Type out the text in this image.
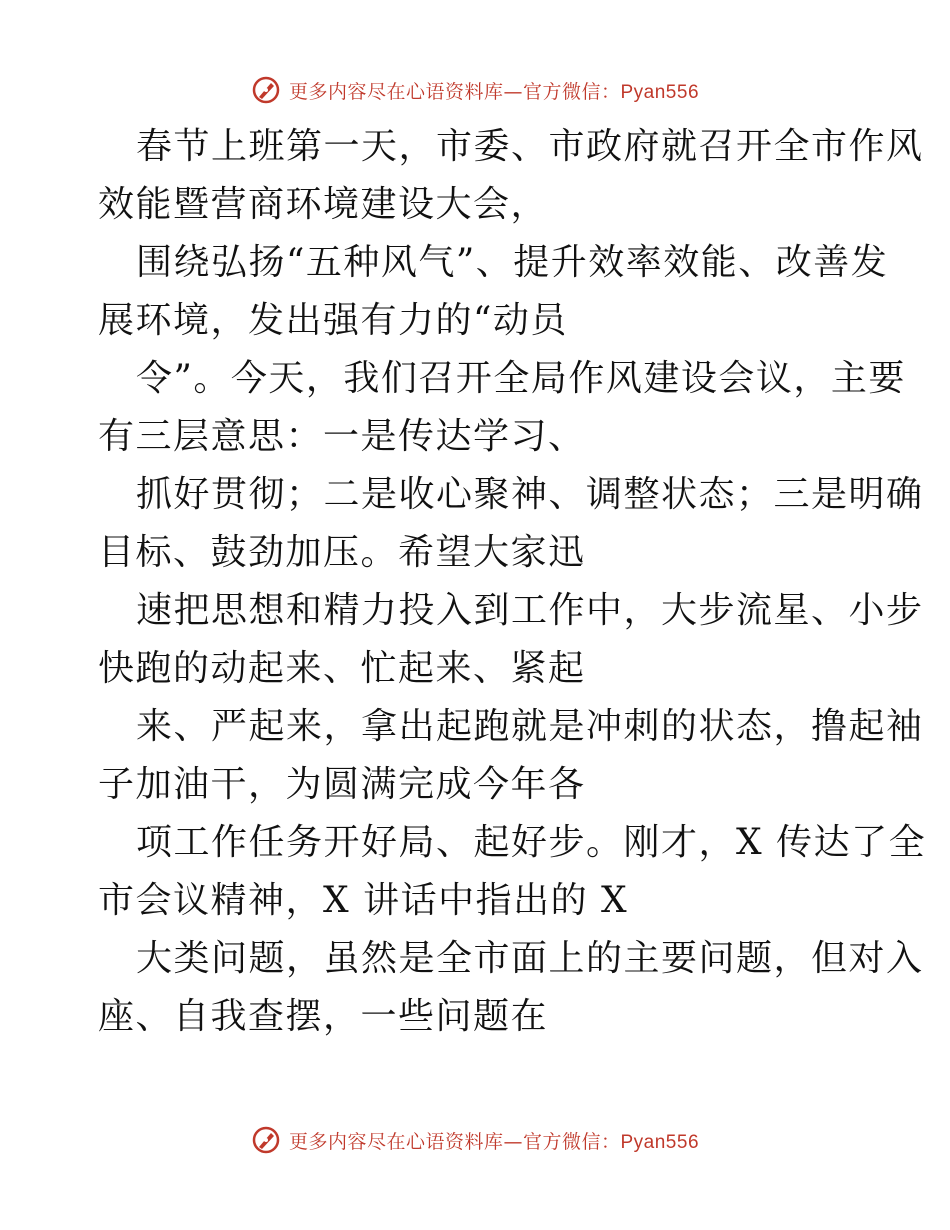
更多内容尽在心语资料库—官方微信：Pyan556
春节上班第一天，市委、市政府就召开全市作风
效能暨营商环境建设大会，
围绕弘扬“五种风气”、提升效率效能、改善发
展环境，发出强有力的“动员
令”。今天，我们召开全局作风建设会议，主要
有三层意思：一是传达学习、
抓好贯彻；二是收心聚神、调整状态；三是明确
目标、鼓劲加压。希望大家迅
速把思想和精力投入到工作中，大步流星、小步
快跑的动起来、忙起来、紧起
来、严起来，拿出起跑就是冲刺的状态，撸起袖
子加油干，为圆满完成今年各
项工作任务开好局、起好步。刚才，X 传达了全
市会议精神，X 讲话中指出的 X
大类问题，虽然是全市面上的主要问题，但对入
座、自我查摆，一些问题在
更多内容尽在心语资料库—官方微信：Pyan556
